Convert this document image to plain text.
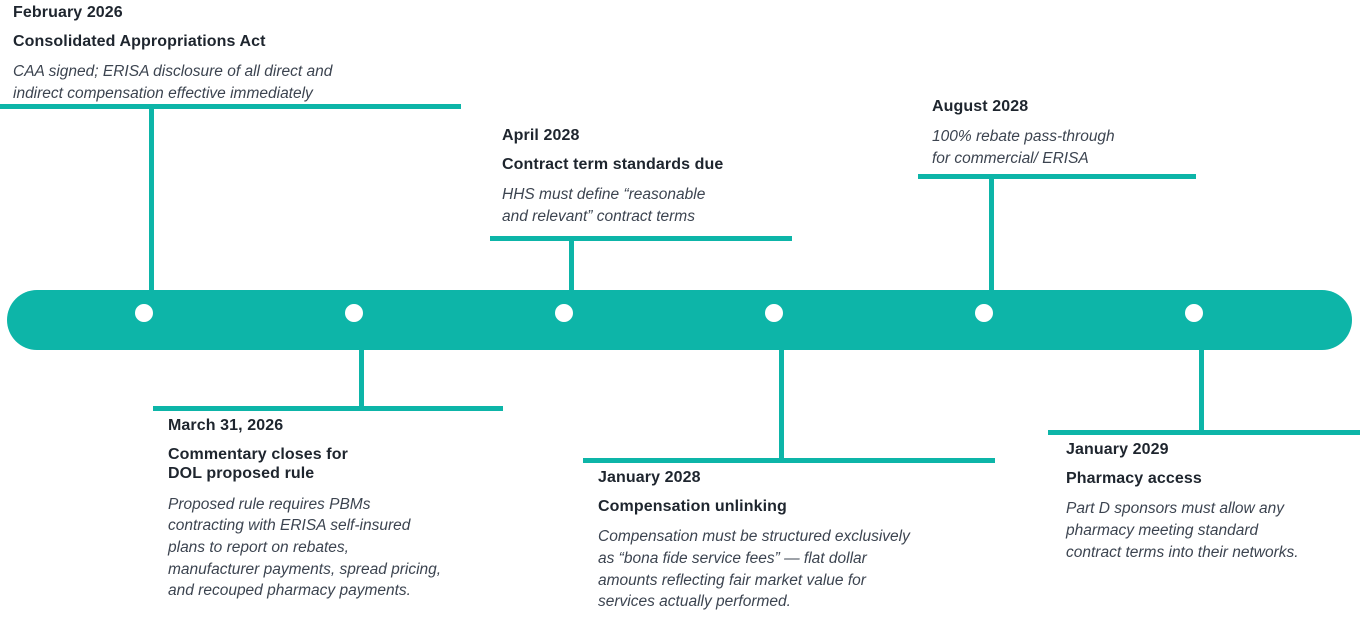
February 2026

Consolidated Appropriations Act

CAA signed; ERISA disclosure of all direct and indirect compensation effective immediately

March 31, 2026

Commentary closes for DOL proposed rule

Proposed rule requires PBMs contracting with ERISA self-insured plans to report on rebates, manufacturer payments, spread pricing, and recouped pharmacy payments.

April 2028

Contract term standards due

HHS must define “reasonable and relevant” contract terms

January 2028

Compensation unlinking

Compensation must be structured exclusively as “bona fide service fees” — flat dollar amounts reflecting fair market value for services actually performed.

August 2028

100% rebate pass-through for commercial/ ERISA

January 2029

Pharmacy access

Part D sponsors must allow any pharmacy meeting standard contract terms into their networks.
